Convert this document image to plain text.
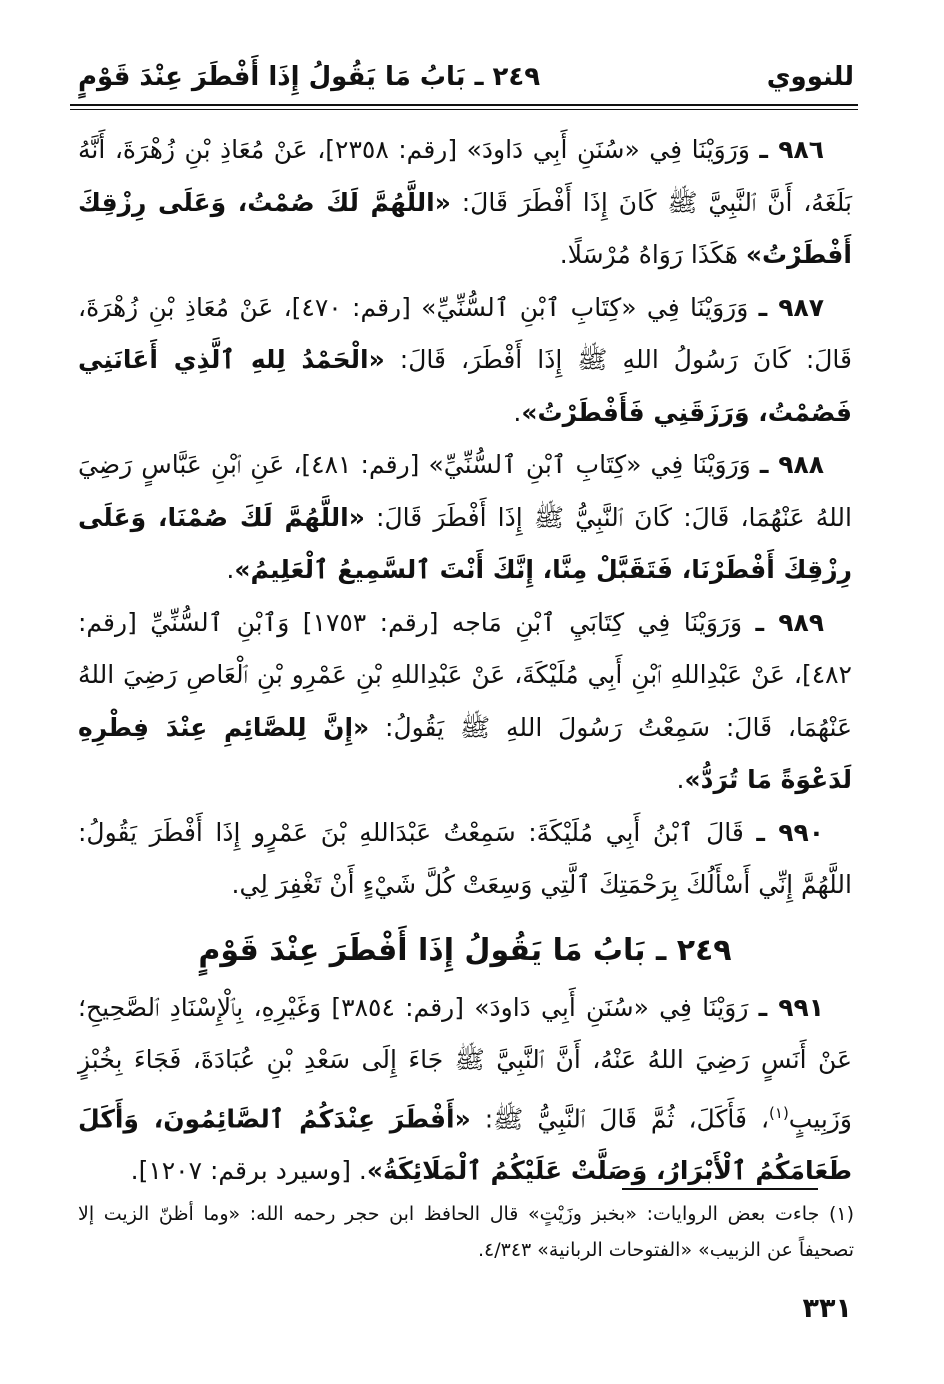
للنووي
٢٤٩ ـ بَابُ مَا يَقُولُ إِذَا أَفْطَرَ عِنْدَ قَوْمٍ

٩٨٦ ـ وَرَوَيْنَا فِي «سُنَنِ أَبِي دَاودَ» [رقم: ٢٣٥٨]، عَنْ مُعَاذِ بْنِ زُهْرَةَ، أَنَّهُ بَلَغَهُ، أَنَّ ٱلنَّبِيَّ ﷺ كَانَ إِذَا أَفْطَرَ قَالَ: «اللَّهُمَّ لَكَ صُمْتُ، وَعَلَى رِزْقِكَ أَفْطَرْتُ» هَكَذَا رَوَاهُ مُرْسَلًا.

٩٨٧ ـ وَرَوَيْنَا فِي «كِتَابِ ٱبْنِ ٱلسُّنِّيِّ» [رقم: ٤٧٠]، عَنْ مُعَاذِ بْنِ زُهْرَةَ، قَالَ: كَانَ رَسُولُ اللهِ ﷺ إِذَا أَفْطَرَ، قَالَ: «الْحَمْدُ لِلهِ ٱلَّذِي أَعَانَنِي فَصُمْتُ، وَرَزَقَنِي فَأَفْطَرْتُ».

٩٨٨ ـ وَرَوَيْنَا فِي «كِتَابِ ٱبْنِ ٱلسُّنِّيِّ» [رقم: ٤٨١]، عَنِ ٱبْنِ عَبَّاسٍ رَضِيَ اللهُ عَنْهُمَا، قَالَ: كَانَ ٱلنَّبِيُّ ﷺ إِذَا أَفْطَرَ قَالَ: «اللَّهُمَّ لَكَ صُمْنَا، وَعَلَى رِزْقِكَ أَفْطَرْنَا، فَتَقَبَّلْ مِنَّا، إِنَّكَ أَنْتَ ٱلسَّمِيعُ ٱلْعَلِيمُ».

٩٨٩ ـ وَرَوَيْنَا فِي كِتَابَيِ ٱبْنِ مَاجه [رقم: ١٧٥٣] وَٱبْنِ ٱلسُّنِّيِّ [رقم: ٤٨٢]، عَنْ عَبْدِاللهِ ٱبْنِ أَبِي مُلَيْكَةَ، عَنْ عَبْدِاللهِ بْنِ عَمْرِو بْنِ ٱلْعَاصِ رَضِيَ اللهُ عَنْهُمَا، قَالَ: سَمِعْتُ رَسُولَ اللهِ ﷺ يَقُولُ: «إِنَّ لِلصَّائِمِ عِنْدَ فِطْرِهِ لَدَعْوَةً مَا تُرَدُّ».

٩٩٠ ـ قَالَ ٱبْنُ أَبِي مُلَيْكَةَ: سَمِعْتُ عَبْدَاللهِ بْنَ عَمْرٍو إِذَا أَفْطَرَ يَقُولُ: اللَّهُمَّ إِنِّي أَسْأَلُكَ بِرَحْمَتِكَ ٱلَّتِي وَسِعَتْ كُلَّ شَيْءٍ أَنْ تَغْفِرَ لِي.

٢٤٩ ـ بَابُ مَا يَقُولُ إِذَا أَفْطَرَ عِنْدَ قَوْمٍ

٩٩١ ـ رَوَيْنَا فِي «سُنَنِ أَبِي دَاودَ» [رقم: ٣٨٥٤] وَغَيْرِهِ، بِٱلْإِسْنَادِ ٱلصَّحِيحِ؛ عَنْ أَنَسٍ رَضِيَ اللهُ عَنْهُ، أَنَّ ٱلنَّبِيَّ ﷺ جَاءَ إِلَى سَعْدِ بْنِ عُبَادَةَ، فَجَاءَ بِخُبْزٍ وَزَبِيبٍ$^{(١)}$، فَأَكَلَ، ثُمَّ قَالَ ٱلنَّبِيُّ ﷺ: «أَفْطَرَ عِنْدَكُمُ ٱلصَّائِمُونَ، وَأَكَلَ طَعَامَكُمُ ٱلْأَبْرَارُ، وَصَلَّتْ عَلَيْكُمُ ٱلْمَلَائِكَةُ». [وسيرد برقم: ١٢٠٧].

(١) جاءت بعض الروايات: «بخبز وزَيْتٍ» قال الحافظ ابن حجر رحمه الله: «وما أظنّ الزيت إلا تصحيفاً عن الزبيب» «الفتوحات الربانية» ٤/٣٤٣.
٣٣١
